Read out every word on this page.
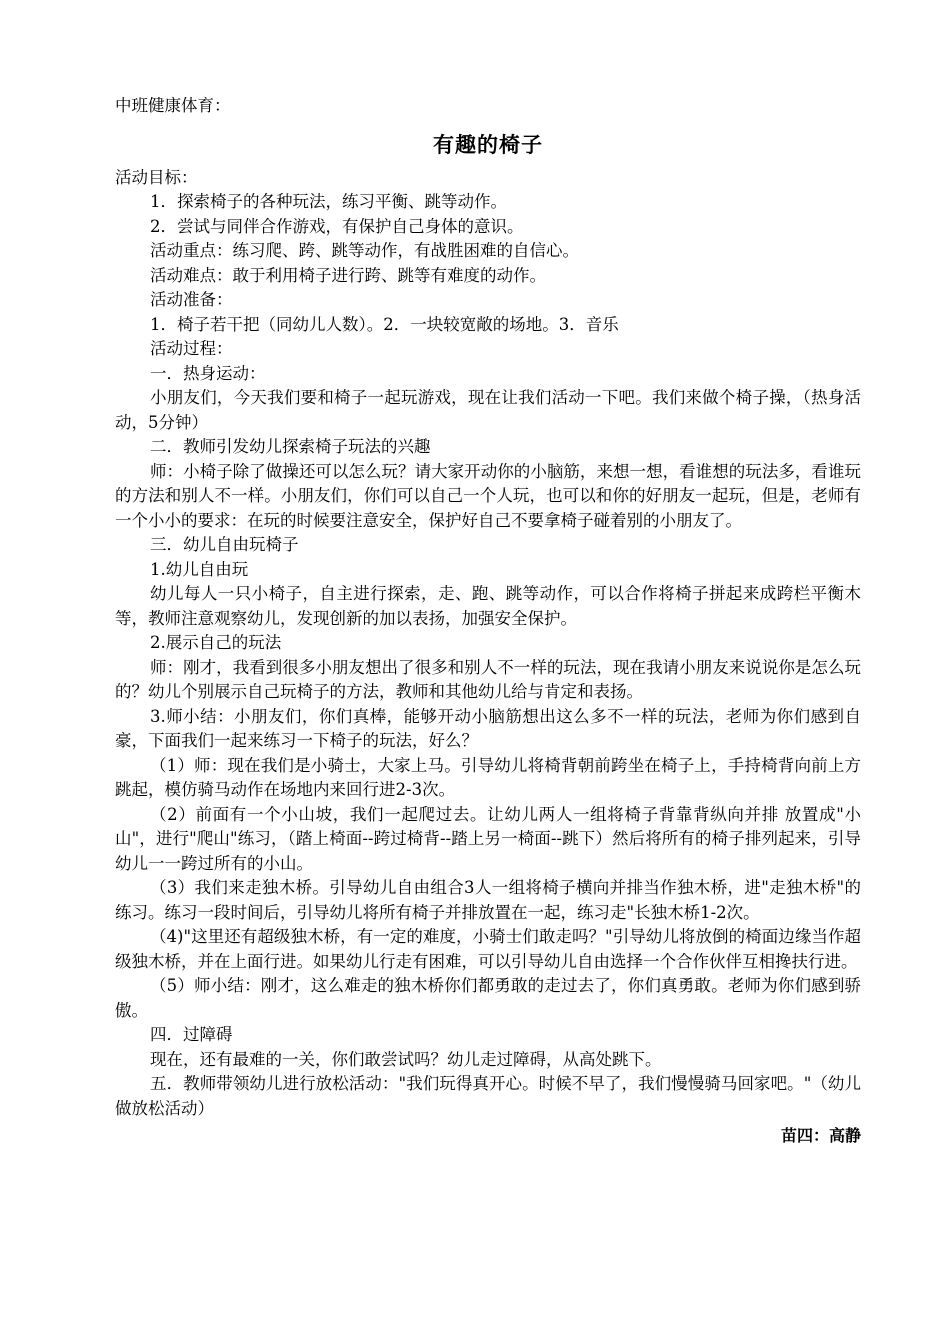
中班健康体育：

有趣的椅子

活动目标：

1．探索椅子的各种玩法，练习平衡、跳等动作。

2．尝试与同伴合作游戏，有保护自己身体的意识。

活动重点：练习爬、跨、跳等动作，有战胜困难的自信心。

活动难点：敢于利用椅子进行跨、跳等有难度的动作。

活动准备：

1．椅子若干把（同幼儿人数）。2．一块较宽敞的场地。3．音乐

活动过程：

一．热身运动：

小朋友们，今天我们要和椅子一起玩游戏，现在让我们活动一下吧。我们来做个椅子操，（热身活动，5分钟）

二．教师引发幼儿探索椅子玩法的兴趣

师：小椅子除了做操还可以怎么玩？请大家开动你的小脑筋，来想一想，看谁想的玩法多，看谁玩的方法和别人不一样。小朋友们，你们可以自己一个人玩，也可以和你的好朋友一起玩，但是，老师有一个小小的要求：在玩的时候要注意安全，保护好自己不要拿椅子碰着别的小朋友了。

三．幼儿自由玩椅子

1.幼儿自由玩

幼儿每人一只小椅子，自主进行探索，走、跑、跳等动作，可以合作将椅子拼起来成跨栏平衡木等，教师注意观察幼儿，发现创新的加以表扬，加强安全保护。

2.展示自己的玩法

师：刚才，我看到很多小朋友想出了很多和别人不一样的玩法，现在我请小朋友来说说你是怎么玩的？幼儿个别展示自己玩椅子的方法，教师和其他幼儿给与肯定和表扬。

3.师小结：小朋友们，你们真棒，能够开动小脑筋想出这么多不一样的玩法，老师为你们感到自豪，下面我们一起来练习一下椅子的玩法，好么？

（1）师：现在我们是小骑士，大家上马。引导幼儿将椅背朝前跨坐在椅子上，手持椅背向前上方跳起，模仿骑马动作在场地内来回行进2-3次。

（2）前面有一个小山坡，我们一起爬过去。让幼儿两人一组将椅子背靠背纵向并排 放置成"小山"，进行"爬山"练习，（踏上椅面--跨过椅背--踏上另一椅面--跳下）然后将所有的椅子排列起来，引导幼儿一一跨过所有的小山。

（3）我们来走独木桥。引导幼儿自由组合3人一组将椅子横向并排当作独木桥，进"走独木桥"的练习。练习一段时间后，引导幼儿将所有椅子并排放置在一起，练习走"长独木桥1-2次。

（4)"这里还有超级独木桥，有一定的难度，小骑士们敢走吗？"引导幼儿将放倒的椅面边缘当作超级独木桥，并在上面行进。如果幼儿行走有困难，可以引导幼儿自由选择一个合作伙伴互相搀扶行进。

（5）师小结：刚才，这么难走的独木桥你们都勇敢的走过去了，你们真勇敢。老师为你们感到骄傲。

四．过障碍

现在，还有最难的一关，你们敢尝试吗？幼儿走过障碍，从高处跳下。

五．教师带领幼儿进行放松活动："我们玩得真开心。时候不早了，我们慢慢骑马回家吧。"（幼儿做放松活动）

苗四：高静
